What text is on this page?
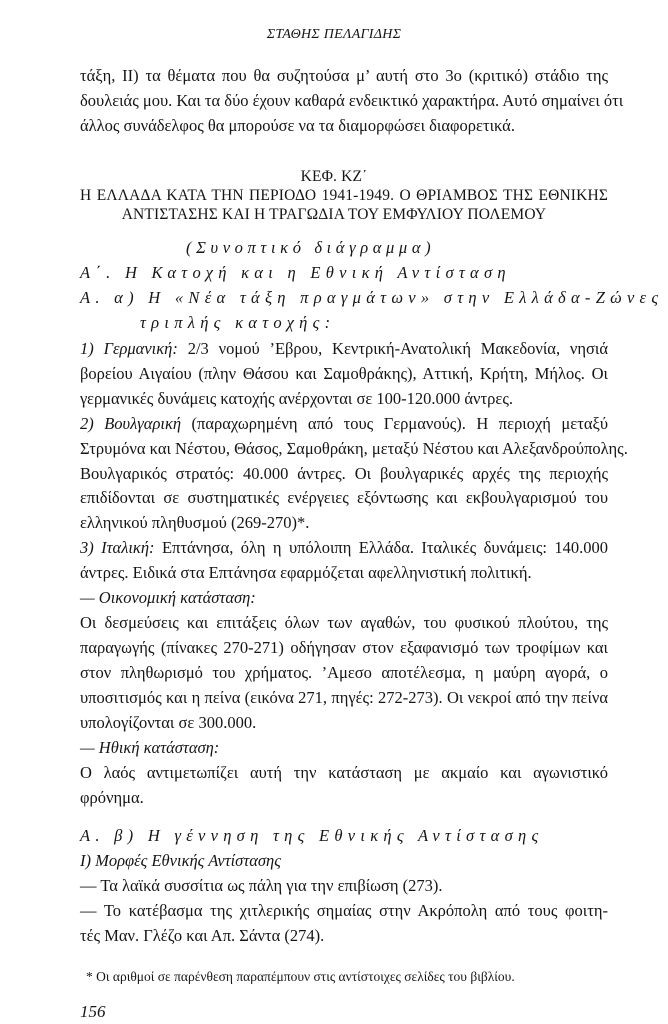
ΣΤΑΘΗΣ ΠΕΛΑΓΙΔΗΣ

τάξη, ΙΙ) τα θέματα που θα συζητούσα μ’ αυτή στο 3ο (κριτικό) στάδιο της

δουλειάς μου. Και τα δύο έχουν καθαρά ενδεικτικό χαρακτήρα. Αυτό σημαίνει ότι

άλλος συνάδελφος θα μπορούσε να τα διαμορφώσει διαφορετικά.

ΚΕΦ. ΚΖ΄
Η ΕΛΛΑΔΑ ΚΑΤΑ ΤΗΝ ΠΕΡΙΟΔΟ 1941-1949. Ο ΘΡΙΑΜΒΟΣ ΤΗΣ ΕΘΝΙΚΗΣ
ΑΝΤΙΣΤΑΣΗΣ ΚΑΙ Η ΤΡΑΓΩΔΙΑ ΤΟΥ ΕΜΦΥΛΙΟΥ ΠΟΛΕΜΟΥ
(Συνοπτικό διάγραμμα)
Α΄. Η Κατοχή και η Εθνική Αντίσταση
Α. α) Η «Νέα τάξη πραγμάτων» στην Ελλάδα-Ζώνες
τριπλής κατοχής:

1) Γερμανική: 2/3 νομού ’Εβρου, Κεντρική-Ανατολική Μακεδονία, νησιά

βορείου Αιγαίου (πλην Θάσου και Σαμοθράκης), Αττική, Κρήτη, Μήλος. Οι

γερμανικές δυνάμεις κατοχής ανέρχονται σε 100-120.000 άντρες.

2) Βουλγαρική (παραχωρημένη από τους Γερμανούς). Η περιοχή μεταξύ

Στρυμόνα και Νέστου, Θάσος, Σαμοθράκη, μεταξύ Νέστου και Αλεξανδρούπολης.

Βουλγαρικός στρατός: 40.000 άντρες. Οι βουλγαρικές αρχές της περιοχής

επιδίδονται σε συστηματικές ενέργειες εξόντωσης και εκβουλγαρισμού του

ελληνικού πληθυσμού (269-270)*.

3) Ιταλική: Επτάνησα, όλη η υπόλοιπη Ελλάδα. Ιταλικές δυνάμεις: 140.000

άντρες. Ειδικά στα Επτάνησα εφαρμόζεται αφελληνιστική πολιτική.

— Οικονομική κατάσταση:

Οι δεσμεύσεις και επιτάξεις όλων των αγαθών, του φυσικού πλούτου, της

παραγωγής (πίνακες 270-271) οδήγησαν στον εξαφανισμό των τροφίμων και

στον πληθωρισμό του χρήματος. ’Αμεσο αποτέλεσμα, η μαύρη αγορά, ο

υποσιτισμός και η πείνα (εικόνα 271, πηγές: 272-273). Οι νεκροί από την πείνα

υπολογίζονται σε 300.000.

— Ηθική κατάσταση:

Ο λαός αντιμετωπίζει αυτή την κατάσταση με ακμαίο και αγωνιστικό

φρόνημα.

Α. β) Η γέννηση της Εθνικής Αντίστασης
Ι) Μορφές Εθνικής Αντίστασης

— Τα λαϊκά συσσίτια ως πάλη για την επιβίωση (273).

— Το κατέβασμα της χιτλερικής σημαίας στην Ακρόπολη από τους φοιτη-

τές Μαν. Γλέζο και Απ. Σάντα (274).

* Οι αριθμοί σε παρένθεση παραπέμπουν στις αντίστοιχες σελίδες του βιβλίου.
156
